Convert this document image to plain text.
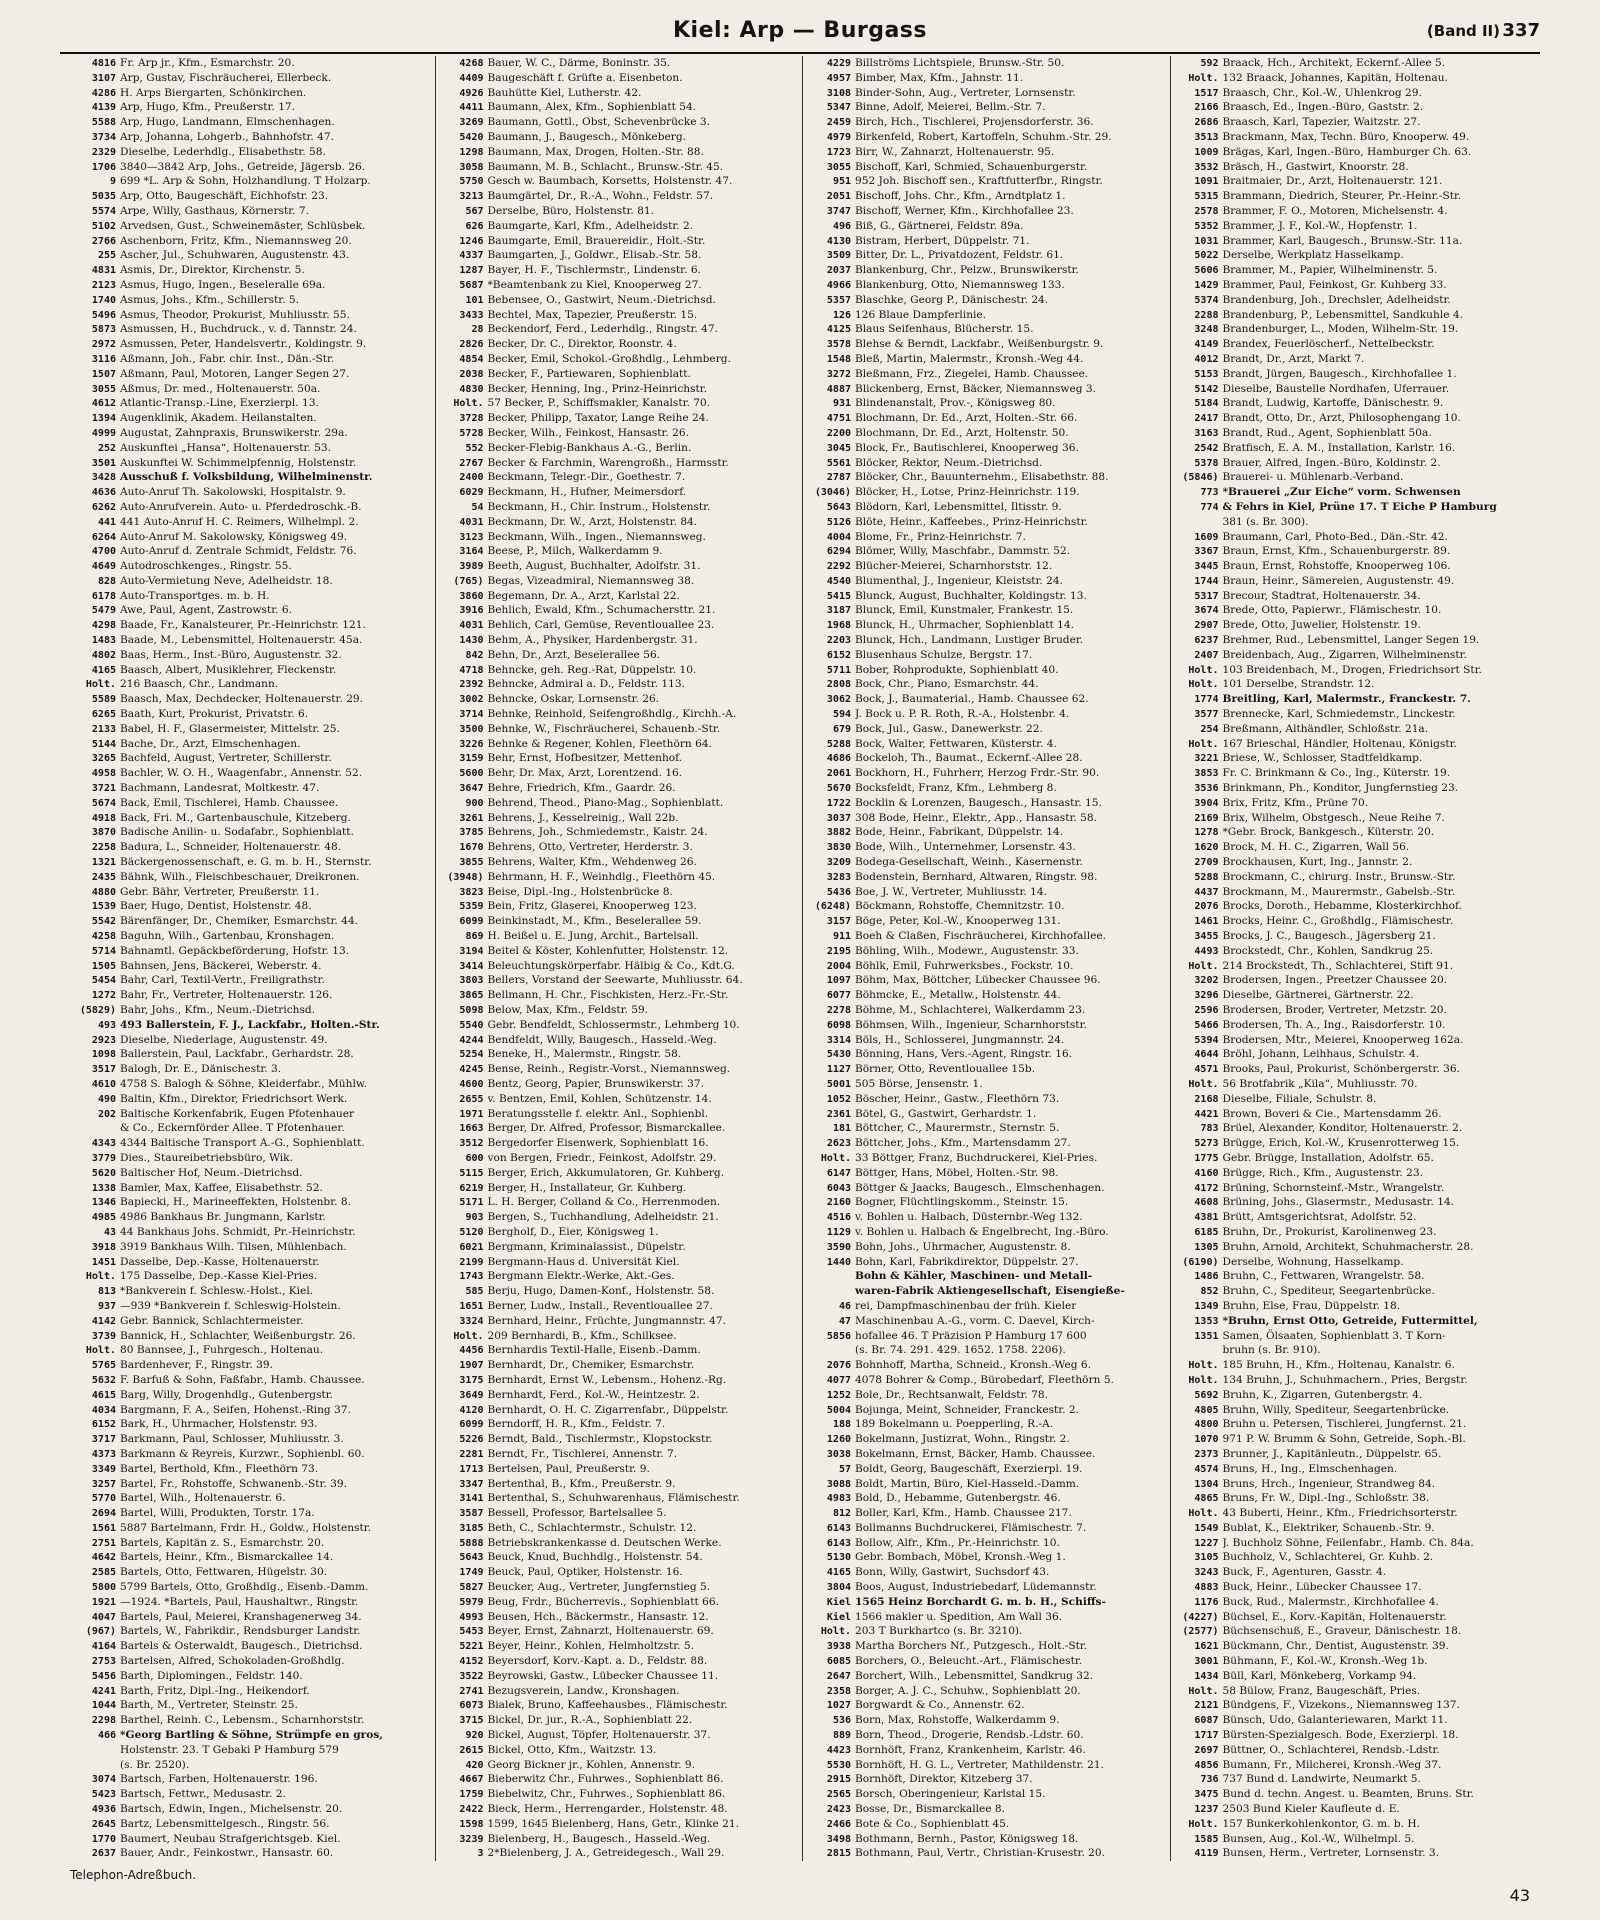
Kiel: Arp — Burgass	(Band II) 337
4816 Fr. Arp jr., Kfm., Esmarchstr. 20.
3107 Arp, Gustav, Fischräucherei, Ellerbeck.
4286 H. Arps Biergarten, Schönkirchen.
4139 Arp, Hugo, Kfm., Preußerstr. 17.
5588 Arp, Hugo, Landmann, Elmschenhagen.
3734 Arp, Johanna, Lohgerb., Bahnhofstr. 47.
2329 Dieselbe, Lederhdlg., Elisabethstr. 58.
1706 3840—3842 Arp, Johs., Getreide, Jägersb. 26.
9 699 *L. Arp & Sohn, Holzhandlung. T Holzarp.
5035 Arp, Otto, Baugeschäft, Eichhofstr. 23.
5574 Arpe, Willy, Gasthaus, Körnerstr. 7.
5102 Arvedsen, Gust., Schweinemäster, Schlüsbek.
2766 Aschenborn, Fritz, Kfm., Niemannsweg 20.
255 Ascher, Jul., Schuhwaren, Augustenstr. 43.
4831 Asmis, Dr., Direktor, Kirchenstr. 5.
2123 Asmus, Hugo, Ingen., Beseleralle 69a.
1740 Asmus, Johs., Kfm., Schillerstr. 5.
5496 Asmus, Theodor, Prokurist, Muhliusstr. 55.
5873 Asmussen, H., Buchdruck., v. d. Tannstr. 24.
2972 Asmussen, Peter, Handelsvertr., Koldingstr. 9.
3116 Aßmann, Joh., Fabr. chir. Inst., Dän.-Str.
1507 Aßmann, Paul, Motoren, Langer Segen 27.
3055 Aßmus, Dr. med., Holtenauerstr. 50a.
4612 Atlantic-Transp.-Line, Exerzierpl. 13.
1394 Augenklinik, Akadem. Heilanstalten.
4999 Augustat, Zahnpraxis, Brunswikerstr. 29a.
252 Auskunftei „Hansa“, Holtenauerstr. 53.
3501 Auskunftei W. Schimmelpfennig, Holstenstr.
3428 Ausschuß f. Volksbildung, Wilhelminenstr.
4636 Auto-Anruf Th. Sakolowski, Hospitalstr. 9.
6262 Auto-Anrufverein. Auto- u. Pferdedroschk.-B.
441 441 Auto-Anruf H. C. Reimers, Wilhelmpl. 2.
6264 Auto-Anruf M. Sakolowsky, Königsweg 49.
4700 Auto-Anruf d. Zentrale Schmidt, Feldstr. 76.
4649 Autodroschkenges., Ringstr. 55.
828 Auto-Vermietung Neve, Adelheidstr. 18.
6178 Auto-Transportges. m. b. H.
5479 Awe, Paul, Agent, Zastrowstr. 6.
4298 Baade, Fr., Kanalsteurer, Pr.-Heinrichstr. 121.
1483 Baade, M., Lebensmittel, Holtenauerstr. 45a.
4802 Baas, Herm., Inst.-Büro, Augustenstr. 32.
4165 Baasch, Albert, Musiklehrer, Fleckenstr.
Holt. 216 Baasch, Chr., Landmann.
5589 Baasch, Max, Dechdecker, Holtenauerstr. 29.
6265 Baath, Kurt, Prokurist, Privatstr. 6.
2133 Babel, H. F., Glasermeister, Mittelstr. 25.
5144 Bache, Dr., Arzt, Elmschenhagen.
3265 Bachfeld, August, Vertreter, Schillerstr.
4958 Bachler, W. O. H., Waagenfabr., Annenstr. 52.
3721 Bachmann, Landesrat, Moltkestr. 47.
5674 Back, Emil, Tischlerei, Hamb. Chaussee.
4918 Back, Fri. M., Gartenbauschule, Kitzeberg.
3870 Badische Anilin- u. Sodafabr., Sophienblatt.
2258 Badura, L., Schneider, Holtenauerstr. 48.
1321 Bäckergenossenschaft, e. G. m. b. H., Sternstr.
2435 Bähnk, Wilh., Fleischbeschauer, Dreikronen.
4880 Gebr. Bähr, Vertreter, Preußerstr. 11.
1539 Baer, Hugo, Dentist, Holstenstr. 48.
5542 Bärenfänger, Dr., Chemiker, Esmarchstr. 44.
4258 Baguhn, Wilh., Gartenbau, Kronshagen.
5714 Bahnamtl. Gepäckbeförderung, Hofstr. 13.
1505 Bahnsen, Jens, Bäckerei, Weberstr. 4.
5454 Bahr, Carl, Textil-Vertr., Freiligrathstr.
1272 Bahr, Fr., Vertreter, Holtenauerstr. 126.
(5829) Bahr, Johs., Kfm., Neum.-Dietrichsd.
493 493 Ballerstein, F. J., Lackfabr., Holten.-Str.
2923 Dieselbe, Niederlage, Augustenstr. 49.
1098 Ballerstein, Paul, Lackfabr., Gerhardstr. 28.
3517 Balogh, Dr. E., Dänischestr. 3.
4610 4758 S. Balogh & Söhne, Kleiderfabr., Mühlw.
490 Baltin, Kfm., Direktor, Friedrichsort Werk.
202 Baltische Korkenfabrik, Eugen Pfotenhauer
& Co., Eckernförder Allee. T Pfotenhauer.
4343 4344 Baltische Transport A.-G., Sophienblatt.
3779 Dies., Staureibetriebsbüro, Wik.
5620 Baltischer Hof, Neum.-Dietrichsd.
1338 Bamler, Max, Kaffee, Elisabethstr. 52.
1346 Bapiecki, H., Marineeffekten, Holstenbr. 8.
4985 4986 Bankhaus Br. Jungmann, Karlstr.
43 44 Bankhaus Johs. Schmidt, Pr.-Heinrichstr.
3918 3919 Bankhaus Wilh. Tilsen, Mühlenbach.
1451 Dasselbe, Dep.-Kasse, Holtenauerstr.
Holt. 175 Dasselbe, Dep.-Kasse Kiel-Pries.
813 *Bankverein f. Schlesw.-Holst., Kiel.
937 —939 *Bankverein f. Schleswig-Holstein.
4142 Gebr. Bannick, Schlachtermeister.
3739 Bannick, H., Schlachter, Weißenburgstr. 26.
Holt. 80 Bannsee, J., Fuhrgesch., Holtenau.
5765 Bardenhever, F., Ringstr. 39.
5632 F. Barfuß & Sohn, Faßfabr., Hamb. Chaussee.
4615 Barg, Willy, Drogenhdlg., Gutenbergstr.
4034 Bargmann, F. A., Seifen, Hohenst.-Ring 37.
6152 Bark, H., Uhrmacher, Holstenstr. 93.
3717 Barkmann, Paul, Schlosser, Muhliusstr. 3.
4373 Barkmann & Reyreis, Kurzwr., Sophienbl. 60.
3349 Bartel, Berthold, Kfm., Fleethörn 73.
3257 Bartel, Fr., Rohstoffe, Schwanenb.-Str. 39.
5770 Bartel, Wilh., Holtenauerstr. 6.
2694 Bartel, Willi, Produkten, Torstr. 17a.
1561 5887 Bartelmann, Frdr. H., Goldw., Holstenstr.
2751 Bartels, Kapitän z. S., Esmarchstr. 20.
4642 Bartels, Heinr., Kfm., Bismarckallee 14.
2585 Bartels, Otto, Fettwaren, Hügelstr. 30.
5800 5799 Bartels, Otto, Großhdlg., Eisenb.-Damm.
1921 —1924. *Bartels, Paul, Haushaltwr., Ringstr.
4047 Bartels, Paul, Meierei, Kranshagenerweg 34.
(967) Bartels, W., Fabrikdir., Rendsburger Landstr.
4164 Bartels & Osterwaldt, Baugesch., Dietrichsd.
2753 Bartelsen, Alfred, Schokoladen-Großhdlg.
5456 Barth, Diplomingen., Feldstr. 140.
4241 Barth, Fritz, Dipl.-Ing., Heikendorf.
1044 Barth, M., Vertreter, Steinstr. 25.
2298 Barthel, Reinh. C., Lebensm., Scharnhorststr.
466 *Georg Bartling & Söhne, Strümpfe en gros,
Holstenstr. 23. T Gebaki P Hamburg 579
(s. Br. 2520).
3074 Bartsch, Farben, Holtenauerstr. 196.
5423 Bartsch, Fettwr., Medusastr. 2.
4936 Bartsch, Edwin, Ingen., Michelsenstr. 20.
2645 Bartz, Lebensmittelgesch., Ringstr. 56.
1770 Baumert, Neubau Strafgerichtsgeb. Kiel.
2637 Bauer, Andr., Feinkostwr., Hansastr. 60.
4268 Bauer, W. C., Därme, Boninstr. 35.
4409 Baugeschäft f. Grüfte a. Eisenbeton.
4926 Bauhütte Kiel, Lutherstr. 42.
4411 Baumann, Alex, Kfm., Sophienblatt 54.
3269 Baumann, Gottl., Obst, Schevenbrücke 3.
5420 Baumann, J., Baugesch., Mönkeberg.
1298 Baumann, Max, Drogen, Holten.-Str. 88.
3058 Baumann, M. B., Schlacht., Brunsw.-Str. 45.
5750 Gesch w. Baumbach, Korsetts, Holstenstr. 47.
3213 Baumgärtel, Dr., R.-A., Wohn., Feldstr. 57.
567 Derselbe, Büro, Holstenstr. 81.
626 Baumgarte, Karl, Kfm., Adelheidstr. 2.
1246 Baumgarte, Emil, Brauereidir., Holt.-Str.
4337 Baumgarten, J., Goldwr., Elisab.-Str. 58.
1287 Bayer, H. F., Tischlermstr., Lindenstr. 6.
5687 *Beamtenbank zu Kiel, Knooperweg 27.
101 Bebensee, O., Gastwirt, Neum.-Dietrichsd.
3433 Bechtel, Max, Tapezier, Preußerstr. 15.
28 Beckendorf, Ferd., Lederhdlg., Ringstr. 47.
2826 Becker, Dr. C., Direktor, Roonstr. 4.
4854 Becker, Emil, Schokol.-Großhdlg., Lehmberg.
2038 Becker, F., Partiewaren, Sophienblatt.
4830 Becker, Henning, Ing., Prinz-Heinrichstr.
Holt. 57 Becker, P., Schiffsmakler, Kanalstr. 70.
3728 Becker, Philipp, Taxator, Lange Reihe 24.
5728 Becker, Wilh., Feinkost, Hansastr. 26.
552 Becker-Flebig-Bankhaus A.-G., Berlin.
2767 Becker & Farchmin, Warengroßh., Harmsstr.
2400 Beckmann, Telegr.-Dir., Goethestr. 7.
6029 Beckmann, H., Hufner, Meimersdorf.
54 Beckmann, H., Chir. Instrum., Holstenstr.
4031 Beckmann, Dr. W., Arzt, Holstenstr. 84.
3123 Beckmann, Wilh., Ingen., Niemannsweg.
3164 Beese, P., Milch, Walkerdamm 9.
3989 Beeth, August, Buchhalter, Adolfstr. 31.
(765) Begas, Vizeadmiral, Niemannsweg 38.
3860 Begemann, Dr. A., Arzt, Karlstal 22.
3916 Behlich, Ewald, Kfm., Schumachersttr. 21.
4031 Behlich, Carl, Gemüse, Reventlouallee 23.
1430 Behm, A., Physiker, Hardenbergstr. 31.
842 Behn, Dr., Arzt, Beselerallee 56.
4718 Behncke, geh. Reg.-Rat, Düppelstr. 10.
2392 Behncke, Admiral a. D., Feldstr. 113.
3002 Behncke, Oskar, Lornsenstr. 26.
3714 Behnke, Reinhold, Seifengroßhdlg., Kirchh.-A.
3500 Behnke, W., Fischräucherei, Schauenb.-Str.
3226 Behnke & Regener, Kohlen, Fleethörn 64.
3159 Behr, Ernst, Hofbesitzer, Mettenhof.
5600 Behr, Dr. Max, Arzt, Lorentzend. 16.
3647 Behre, Friedrich, Kfm., Gaardr. 26.
900 Behrend, Theod., Piano-Mag., Sophienblatt.
3261 Behrens, J., Kesselreinig., Wall 22b.
3785 Behrens, Joh., Schmiedemstr., Kaistr. 24.
1670 Behrens, Otto, Vertreter, Herderstr. 3.
3855 Behrens, Walter, Kfm., Wehdenweg 26.
(3948) Behrmann, H. F., Weinhdlg., Fleethörn 45.
3823 Beise, Dipl.-Ing., Holstenbrücke 8.
5359 Bein, Fritz, Glaserei, Knooperweg 123.
6099 Beinkinstadt, M., Kfm., Beselerallee 59.
869 H. Beißel u. E. Jung, Archit., Bartelsall.
3194 Beitel & Köster, Kohlenfutter, Holstenstr. 12.
3414 Beleuchtungskörperfabr. Hälbig & Co., Kdt.G.
3803 Bellers, Vorstand der Seewarte, Muhliusstr. 64.
3865 Bellmann, H. Chr., Fischkisten, Herz.-Fr.-Str.
5098 Below, Max, Kfm., Feldstr. 59.
5540 Gebr. Bendfeldt, Schlossermstr., Lehmberg 10.
4244 Bendfeldt, Willy, Baugesch., Hasseld.-Weg.
5254 Beneke, H., Malermstr., Ringstr. 58.
4245 Bense, Reinh., Registr.-Vorst., Niemannsweg.
4600 Bentz, Georg, Papier, Brunswikerstr. 37.
2655 v. Bentzen, Emil, Kohlen, Schützenstr. 14.
1971 Beratungsstelle f. elektr. Anl., Sophienbl.
1663 Berger, Dr. Alfred, Professor, Bismarckallee.
3512 Bergedorfer Eisenwerk, Sophienblatt 16.
600 von Bergen, Friedr., Feinkost, Adolfstr. 29.
5115 Berger, Erich, Akkumulatoren, Gr. Kuhberg.
6219 Berger, H., Installateur, Gr. Kuhberg.
5171 L. H. Berger, Colland & Co., Herrenmoden.
903 Bergen, S., Tuchhandlung, Adelheidstr. 21.
5120 Bergholf, D., Eier, Königsweg 1.
6021 Bergmann, Kriminalassist., Düpelstr.
2199 Bergmann-Haus d. Universität Kiel.
1743 Bergmann Elektr.-Werke, Akt.-Ges.
585 Berju, Hugo, Damen-Konf., Holstenstr. 58.
1651 Berner, Ludw., Install., Reventlouallee 27.
3324 Bernhard, Heinr., Früchte, Jungmannstr. 47.
Holt. 209 Bernhardi, B., Kfm., Schilksee.
4456 Bernhardis Textil-Halle, Eisenb.-Damm.
1907 Bernhardt, Dr., Chemiker, Esmarchstr.
3175 Bernhardt, Ernst W., Lebensm., Hohenz.-Rg.
3649 Bernhardt, Ferd., Kol.-W., Heintzestr. 2.
4120 Bernhardt, O. H. C. Zigarrenfabr., Düppelstr.
6099 Berndorff, H. R., Kfm., Feldstr. 7.
5226 Berndt, Bald., Tischlermstr., Klopstockstr.
2281 Berndt, Fr., Tischlerei, Annenstr. 7.
1713 Bertelsen, Paul, Preußerstr. 9.
3347 Bertenthal, B., Kfm., Preußerstr. 9.
3141 Bertenthal, S., Schuhwarenhaus, Flämischestr.
3587 Bessell, Professor, Bartelsallee 5.
3185 Beth, C., Schlachtermstr., Schulstr. 12.
5888 Betriebskrankenkasse d. Deutschen Werke.
5643 Beuck, Knud, Buchhdlg., Holstenstr. 54.
1749 Beuck, Paul, Optiker, Holstenstr. 16.
5827 Beucker, Aug., Vertreter, Jungfernstieg 5.
5979 Beug, Frdr., Bücherrevis., Sophienblatt 66.
4993 Beusen, Hch., Bäckermstr., Hansastr. 12.
5453 Beyer, Ernst, Zahnarzt, Holtenauerstr. 69.
5221 Beyer, Heinr., Kohlen, Helmholtzstr. 5.
4152 Beyersdorf, Korv.-Kapt. a. D., Feldstr. 88.
3522 Beyrowski, Gastw., Lübecker Chaussee 11.
2741 Bezugsverein, Landw., Kronshagen.
6073 Bialek, Bruno, Kaffeehausbes., Flämischestr.
3715 Bickel, Dr. jur., R.-A., Sophienblatt 22.
920 Bickel, August, Töpfer, Holtenauerstr. 37.
2615 Bickel, Otto, Kfm., Waitzstr. 13.
420 Georg Bickner jr., Kohlen, Annenstr. 9.
4667 Bieberwitz Chr., Fuhrwes., Sophienblatt 86.
1759 Biebelwitz, Chr., Fuhrwes., Sophienblatt 86.
2422 Bieck, Herm., Herrengarder., Holstenstr. 48.
1598 1599, 1645 Bielenberg, Hans, Getr., Klinke 21.
3239 Bielenberg, H., Baugesch., Hasseld.-Weg.
3 2*Bielenberg, J. A., Getreidegesch., Wall 29.
4229 Billströms Lichtspiele, Brunsw.-Str. 50.
4957 Bimber, Max, Kfm., Jahnstr. 11.
3108 Binder-Sohn, Aug., Vertreter, Lornsenstr.
5347 Binne, Adolf, Meierei, Bellm.-Str. 7.
2459 Birch, Hch., Tischlerei, Projensdorferstr. 36.
4979 Birkenfeld, Robert, Kartoffeln, Schuhm.-Str. 29.
1723 Birr, W., Zahnarzt, Holtenauerstr. 95.
3055 Bischoff, Karl, Schmied, Schauenburgerstr.
951 952 Joh. Bischoff sen., Kraftfutterfbr., Ringstr.
2051 Bischoff, Johs. Chr., Kfm., Arndtplatz 1.
3747 Bischoff, Werner, Kfm., Kirchhofallee 23.
496 Biß, G., Gärtnerei, Feldstr. 89a.
4130 Bistram, Herbert, Düppelstr. 71.
3509 Bitter, Dr. L., Privatdozent, Feldstr. 61.
2037 Blankenburg, Chr., Pelzw., Brunswikerstr.
4966 Blankenburg, Otto, Niemannsweg 133.
5357 Blaschke, Georg P., Dänischestr. 24.
126 126 Blaue Dampferlinie.
4125 Blaus Seifenhaus, Blücherstr. 15.
3578 Blehse & Berndt, Lackfabr., Weißenburgstr. 9.
1548 Bleß, Martin, Malermstr., Kronsh.-Weg 44.
3272 Bleßmann, Frz., Ziegelei, Hamb. Chaussee.
4887 Blickenberg, Ernst, Bäcker, Niemannsweg 3.
931 Blindenanstalt, Prov.-, Königsweg 80.
4751 Blochmann, Dr. Ed., Arzt, Holten.-Str. 66.
2200 Blochmann, Dr. Ed., Arzt, Holtenstr. 50.
3045 Block, Fr., Bautischlerei, Knooperweg 36.
5561 Blöcker, Rektor, Neum.-Dietrichsd.
2787 Blöcker, Chr., Bauunternehm., Elisabethstr. 88.
(3046) Blöcker, H., Lotse, Prinz-Heinrichstr. 119.
5643 Blödorn, Karl, Lebensmittel, Iltisstr. 9.
5126 Blöte, Heinr., Kaffeebes., Prinz-Heinrichstr.
4004 Blome, Fr., Prinz-Heinrichstr. 7.
6294 Blömer, Willy, Maschfabr., Dammstr. 52.
2292 Blücher-Meierei, Scharnhorststr. 12.
4540 Blumenthal, J., Ingenieur, Kleiststr. 24.
5415 Blunck, August, Buchhalter, Koldingstr. 13.
3187 Blunck, Emil, Kunstmaler, Frankestr. 15.
1968 Blunck, H., Uhrmacher, Sophienblatt 14.
2203 Blunck, Hch., Landmann, Lustiger Bruder.
6152 Blusenhaus Schulze, Bergstr. 17.
5711 Bober, Rohprodukte, Sophienblatt 40.
2808 Bock, Chr., Piano, Esmarchstr. 44.
3062 Bock, J., Baumaterial., Hamb. Chaussee 62.
594 J. Bock u. P. R. Roth, R.-A., Holstenbr. 4.
679 Bock, Jul., Gasw., Danewerkstr. 22.
5288 Bock, Walter, Fettwaren, Küsterstr. 4.
4686 Bockeloh, Th., Baumat., Eckernf.-Allee 28.
2061 Bockhorn, H., Fuhrherr, Herzog Frdr.-Str. 90.
5670 Bocksfeldt, Franz, Kfm., Lehmberg 8.
1722 Bocklin & Lorenzen, Baugesch., Hansastr. 15.
3037 308 Bode, Heinr., Elektr., App., Hansastr. 58.
3882 Bode, Heinr., Fabrikant, Düppelstr. 14.
3830 Bode, Wilh., Unternehmer, Lorsenstr. 43.
3209 Bodega-Gesellschaft, Weinh., Kasernenstr.
3283 Bodenstein, Bernhard, Altwaren, Ringstr. 98.
5436 Boe, J. W., Vertreter, Muhliusstr. 14.
(6248) Böckmann, Rohstoffe, Chemnitzstr. 10.
3157 Böge, Peter, Kol.-W., Knooperweg 131.
911 Boeh & Claßen, Fischräucherei, Kirchhofallee.
2195 Böhling, Wilh., Modewr., Augustenstr. 33.
2004 Böhlk, Emil, Fuhrwerksbes., Fockstr. 10.
1097 Böhm, Max, Böttcher, Lübecker Chaussee 96.
6077 Böhmcke, E., Metallw., Holstenstr. 44.
2278 Böhme, M., Schlachterei, Walkerdamm 23.
6098 Böhmsen, Wilh., Ingenieur, Scharnhorststr.
3314 Böls, H., Schlosserei, Jungmannstr. 24.
5430 Bönning, Hans, Vers.-Agent, Ringstr. 16.
1127 Börner, Otto, Reventlouallee 15b.
5001 505 Börse, Jensenstr. 1.
1052 Böscher, Heinr., Gastw., Fleethörn 73.
2361 Bötel, G., Gastwirt, Gerhardstr. 1.
181 Böttcher, C., Maurermstr., Sternstr. 5.
2623 Böttcher, Johs., Kfm., Martensdamm 27.
Holt. 33 Böttger, Franz, Buchdruckerei, Kiel-Pries.
6147 Böttger, Hans, Möbel, Holten.-Str. 98.
6043 Böttger & Jaacks, Baugesch., Elmschenhagen.
2160 Bogner, Flüchtlingskomm., Steinstr. 15.
4516 v. Bohlen u. Halbach, Düsternbr.-Weg 132.
1129 v. Bohlen u. Halbach & Engelbrecht, Ing.-Büro.
3590 Bohn, Johs., Uhrmacher, Augustenstr. 8.
1440 Bohn, Karl, Fabrikdirektor, Düppelstr. 27.
Bohn & Kähler, Maschinen- und Metall-
waren-Fabrik Aktiengesellschaft, Eisengieße-
46 rei, Dampfmaschinenbau der früh. Kieler
47 Maschinenbau A.-G., vorm. C. Daevel, Kirch-
5856 hofallee 46. T Präzision P Hamburg 17 600
(s. Br. 74. 291. 429. 1652. 1758. 2206).
2076 Bohnhoff, Martha, Schneid., Kronsh.-Weg 6.
4077 4078 Bohrer & Comp., Bürobedarf, Fleethörn 5.
1252 Bole, Dr., Rechtsanwalt, Feldstr. 78.
5004 Bojunga, Meint, Schneider, Franckestr. 2.
188 189 Bokelmann u. Poepperling, R.-A.
1260 Bokelmann, Justizrat, Wohn., Ringstr. 2.
3038 Bokelmann, Ernst, Bäcker, Hamb. Chaussee.
57 Boldt, Georg, Baugeschäft, Exerzierpl. 19.
3088 Boldt, Martin, Büro, Kiel-Hasseld.-Damm.
4983 Bold, D., Hebamme, Gutenbergstr. 46.
812 Boller, Karl, Kfm., Hamb. Chaussee 217.
6143 Bollmanns Buchdruckerei, Flämischestr. 7.
6143 Bollow, Alfr., Kfm., Pr.-Heinrichstr. 10.
5130 Gebr. Bombach, Möbel, Kronsh.-Weg 1.
4165 Bonn, Willy, Gastwirt, Suchsdorf 43.
3804 Boos, August, Industriebedarf, Lüdemannstr.
Kiel 1565 Heinz Borchardt G. m. b. H., Schiffs-
Kiel 1566 makler u. Spedition, Am Wall 36.
Holt. 203 T Burkhartco (s. Br. 3210).
3938 Martha Borchers Nf., Putzgesch., Holt.-Str.
6085 Borchers, O., Beleucht.-Art., Flämischestr.
2647 Borchert, Wilh., Lebensmittel, Sandkrug 32.
2358 Borger, A. J. C., Schuhw., Sophienblatt 20.
1027 Borgwardt & Co., Annenstr. 62.
536 Born, Max, Rohstoffe, Walkerdamm 9.
889 Born, Theod., Drogerie, Rendsb.-Ldstr. 60.
4423 Bornhöft, Franz, Krankenheim, Karlstr. 46.
5530 Bornhöft, H. G. L., Vertreter, Mathildenstr. 21.
2915 Bornhöft, Direktor, Kitzeberg 37.
2565 Borsch, Oberingenieur, Karlstal 15.
2423 Bosse, Dr., Bismarckallee 8.
2466 Bote & Co., Sophienblatt 45.
3498 Bothmann, Bernh., Pastor, Königsweg 18.
2815 Bothmann, Paul, Vertr., Christian-Krusestr. 20.
592 Braack, Hch., Architekt, Eckernf.-Allee 5.
Holt. 132 Braack, Johannes, Kapitän, Holtenau.
1517 Braasch, Chr., Kol.-W., Uhlenkrog 29.
2166 Braasch, Ed., Ingen.-Büro, Gaststr. 2.
2686 Braasch, Karl, Tapezier, Waitzstr. 27.
3513 Brackmann, Max, Techn. Büro, Knooperw. 49.
1009 Brägas, Karl, Ingen.-Büro, Hamburger Ch. 63.
3532 Bräsch, H., Gastwirt, Knoorstr. 28.
1091 Braitmaier, Dr., Arzt, Holtenauerstr. 121.
5315 Brammann, Diedrich, Steurer, Pr.-Heinr.-Str.
2578 Brammer, F. O., Motoren, Michelsenstr. 4.
5352 Brammer, J. F., Kol.-W., Hopfenstr. 1.
1031 Brammer, Karl, Baugesch., Brunsw.-Str. 11a.
5022 Derselbe, Werkplatz Hasselkamp.
5606 Brammer, M., Papier, Wilhelminenstr. 5.
1429 Brammer, Paul, Feinkost, Gr. Kuhberg 33.
5374 Brandenburg, Joh., Drechsler, Adelheidstr.
2288 Brandenburg, P., Lebensmittel, Sandkuhle 4.
3248 Brandenburger, L., Moden, Wilhelm-Str. 19.
4149 Brandex, Feuerlöscherf., Nettelbeckstr.
4012 Brandt, Dr., Arzt, Markt 7.
5153 Brandt, Jürgen, Baugesch., Kirchhofallee 1.
5142 Dieselbe, Baustelle Nordhafen, Uferrauer.
5184 Brandt, Ludwig, Kartoffe, Dänischestr. 9.
2417 Brandt, Otto, Dr., Arzt, Philosophengang 10.
3163 Brandt, Rud., Agent, Sophienblatt 50a.
2542 Bratfisch, E. A. M., Installation, Karlstr. 16.
5378 Brauer, Alfred, Ingen.-Büro, Koldinstr. 2.
(5846) Brauerei- u. Mühlenarb.-Verband.
773 *Brauerei „Zur Eiche“ vorm. Schwensen
774 & Fehrs in Kiel, Prüne 17. T Eiche P Hamburg
381 (s. Br. 300).
1609 Braumann, Carl, Photo-Bed., Dän.-Str. 42.
3367 Braun, Ernst, Kfm., Schauenburgerstr. 89.
3445 Braun, Ernst, Rohstoffe, Knooperweg 106.
1744 Braun, Heinr., Sämereien, Augustenstr. 49.
5317 Brecour, Stadtrat, Holtenauerstr. 34.
3674 Brede, Otto, Papierwr., Flämischestr. 10.
2907 Brede, Otto, Juwelier, Holstenstr. 19.
6237 Brehmer, Rud., Lebensmittel, Langer Segen 19.
2407 Breidenbach, Aug., Zigarren, Wilhelminenstr.
Holt. 103 Breidenbach, M., Drogen, Friedrichsort Str.
Holt. 101 Derselbe, Strandstr. 12.
1774 Breitling, Karl, Malermstr., Franckestr. 7.
3577 Brennecke, Karl, Schmiedemstr., Linckestr.
254 Breßmann, Althändler, Schloßstr. 21a.
Holt. 167 Brieschal, Händler, Holtenau, Königstr.
3221 Briese, W., Schlosser, Stadtfeldkamp.
3853 Fr. C. Brinkmann & Co., Ing., Küterstr. 19.
3536 Brinkmann, Ph., Konditor, Jungfernstieg 23.
3904 Brix, Fritz, Kfm., Prüne 70.
2169 Brix, Wilhelm, Obstgesch., Neue Reihe 7.
1278 *Gebr. Brock, Bankgesch., Küterstr. 20.
1620 Brock, M. H. C., Zigarren, Wall 56.
2709 Brockhausen, Kurt, Ing., Jannstr. 2.
5288 Brockmann, C., chirurg. Instr., Brunsw.-Str.
4437 Brockmann, M., Maurermstr., Gabelsb.-Str.
2076 Brocks, Doroth., Hebamme, Klosterkirchhof.
1461 Brocks, Heinr. C., Großhdlg., Flämischestr.
3455 Brocks, J. C., Baugesch., Jägersberg 21.
4493 Brockstedt, Chr., Kohlen, Sandkrug 25.
Holt. 214 Brockstedt, Th., Schlachterei, Stift 91.
3202 Brodersen, Ingen., Preetzer Chaussee 20.
3296 Dieselbe, Gärtnerei, Gärtnerstr. 22.
2596 Brodersen, Broder, Vertreter, Metzstr. 20.
5466 Brodersen, Th. A., Ing., Raisdorferstr. 10.
5394 Brodersen, Mtr., Meierei, Knooperweg 162a.
4644 Bröhl, Johann, Leihhaus, Schulstr. 4.
4571 Brooks, Paul, Prokurist, Schönbergerstr. 36.
Holt. 56 Brotfabrik „Kila“, Muhliusstr. 70.
2168 Dieselbe, Filiale, Schulstr. 8.
4421 Brown, Boveri & Cie., Martensdamm 26.
783 Brüel, Alexander, Konditor, Holtenauerstr. 2.
5273 Brügge, Erich, Kol.-W., Krusenrotterweg 15.
1775 Gebr. Brügge, Installation, Adolfstr. 65.
4160 Brügge, Rich., Kfm., Augustenstr. 23.
4172 Brüning, Schornsteinf.-Mstr., Wrangelstr.
4608 Brüning, Johs., Glasermstr., Medusastr. 14.
4381 Brütt, Amtsgerichtsrat, Adolfstr. 52.
6185 Bruhn, Dr., Prokurist, Karolinenweg 23.
1305 Bruhn, Arnold, Architekt, Schuhmacherstr. 28.
(6190) Derselbe, Wohnung, Hasselkamp.
1486 Bruhn, C., Fettwaren, Wrangelstr. 58.
852 Bruhn, C., Spediteur, Seegartenbrücke.
1349 Bruhn, Else, Frau, Düppelstr. 18.
1353 *Bruhn, Ernst Otto, Getreide, Futtermittel,
1351 Samen, Ölsaaten, Sophienblatt 3. T Korn-
bruhn (s. Br. 910).
Holt. 185 Bruhn, H., Kfm., Holtenau, Kanalstr. 6.
Holt. 134 Bruhn, J., Schuhmachern., Pries, Bergstr.
5692 Bruhn, K., Zigarren, Gutenbergstr. 4.
4805 Bruhn, Willy, Spediteur, Seegartenbrücke.
4800 Bruhn u. Petersen, Tischlerei, Jungfernst. 21.
1070 971 P. W. Brumm & Sohn, Getreide, Soph.-Bl.
2373 Brunner, J., Kapitänleutn., Düppelstr. 65.
4574 Bruns, H., Ing., Elmschenhagen.
1304 Bruns, Hrch., Ingenieur, Strandweg 84.
4865 Bruns, Fr. W., Dipl.-Ing., Schloßstr. 38.
Holt. 43 Buberti, Heinr., Kfm., Friedrichsorterstr.
1549 Bublat, K., Elektriker, Schauenb.-Str. 9.
1227 J. Buchholz Söhne, Feilenfabr., Hamb. Ch. 84a.
3105 Buchholz, V., Schlachterei, Gr. Kuhb. 2.
3243 Buck, F., Agenturen, Gasstr. 4.
4883 Buck, Heinr., Lübecker Chaussee 17.
1176 Buck, Rud., Malermstr., Kirchhofallee 4.
(4227) Büchsel, E., Korv.-Kapitän, Holtenauerstr.
(2577) Büchsenschuß, E., Graveur, Dänischestr. 18.
1621 Bückmann, Chr., Dentist, Augustenstr. 39.
3001 Bühmann, F., Kol.-W., Kronsh.-Weg 1b.
1434 Büll, Karl, Mönkeberg, Vorkamp 94.
Holt. 58 Bülow, Franz, Baugeschäft, Pries.
2121 Bündgens, F., Vizekons., Niemannsweg 137.
6087 Bünsch, Udo, Galanteriewaren, Markt 11.
1717 Bürsten-Spezialgesch. Bode, Exerzierpl. 18.
2697 Büttner, O., Schlachterei, Rendsb.-Ldstr.
4856 Bumann, Fr., Milcherei, Kronsh.-Weg 37.
736 737 Bund d. Landwirte, Neumarkt 5.
3475 Bund d. techn. Angest. u. Beamten, Bruns. Str.
1237 2503 Bund Kieler Kaufleute d. E.
Holt. 157 Bunkerkohlenkontor, G. m. b. H.
1585 Bunsen, Aug., Kol.-W., Wilhelmpl. 5.
4119 Bunsen, Herm., Vertreter, Lornsenstr. 3.
Telephon-Adreßbuch.
43
